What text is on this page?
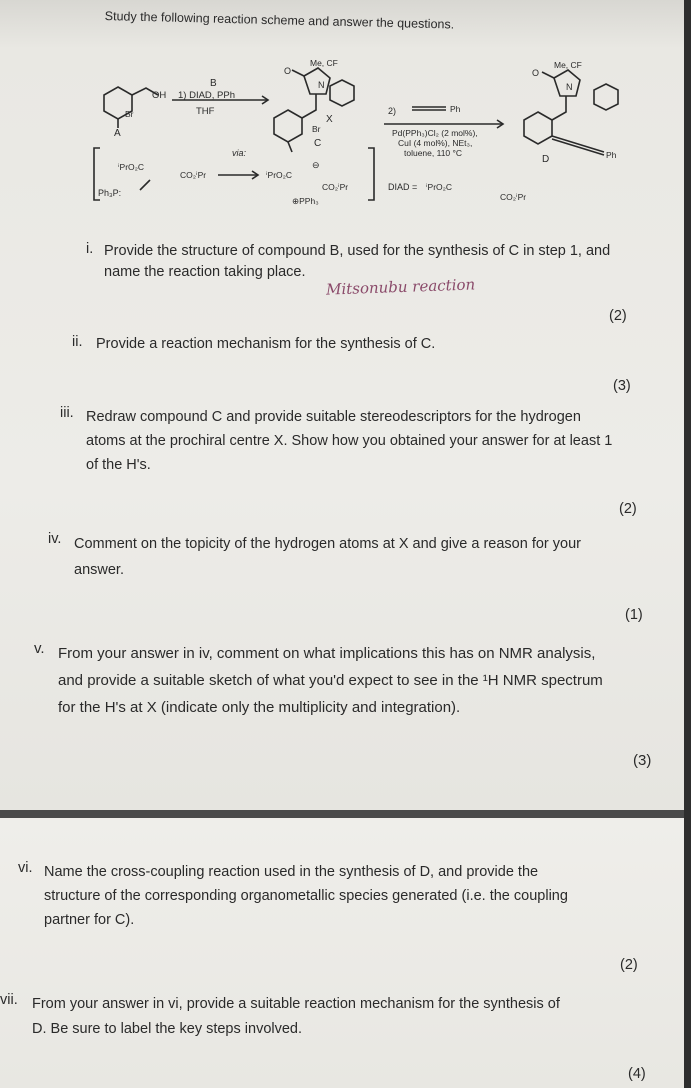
Study the following reaction scheme and answer the questions.
B
1) DIAD, PPh
THF
OH
Br
A
Me, CF
O
N
X
Br
C
2)	Ph
Pd(PPh₃)Cl₂ (2 mol%),
CuI (4 mol%), NEt₃,
toluene, 110 °C
Me, CF
O
N
D	Ph
via:
ⁱPrO₂C
CO₂ⁱPr
Ph₃P:
ⁱPrO₂C
CO₂ⁱPr
⊖
⊕PPh₃
DIAD = ⁱPrO₂C
CO₂ⁱPr
i. Provide the structure of compound B, used for the synthesis of C in step 1, and
name the reaction taking place.
Mitsonubu reaction
(2)
ii. Provide a reaction mechanism for the synthesis of C.
(3)
iii. Redraw compound C and provide suitable stereodescriptors for the hydrogen
atoms at the prochiral centre X. Show how you obtained your answer for at least 1
of the H's.
(2)
iv. Comment on the topicity of the hydrogen atoms at X and give a reason for your
answer.
(1)
v. From your answer in iv, comment on what implications this has on NMR analysis,
and provide a suitable sketch of what you'd expect to see in the ¹H NMR spectrum
for the H's at X (indicate only the multiplicity and integration).
(3)
vi. Name the cross-coupling reaction used in the synthesis of D, and provide the
structure of the corresponding organometallic species generated (i.e. the coupling
partner for C).
(2)
vii. From your answer in vi, provide a suitable reaction mechanism for the synthesis of
D. Be sure to label the key steps involved.
(4)
